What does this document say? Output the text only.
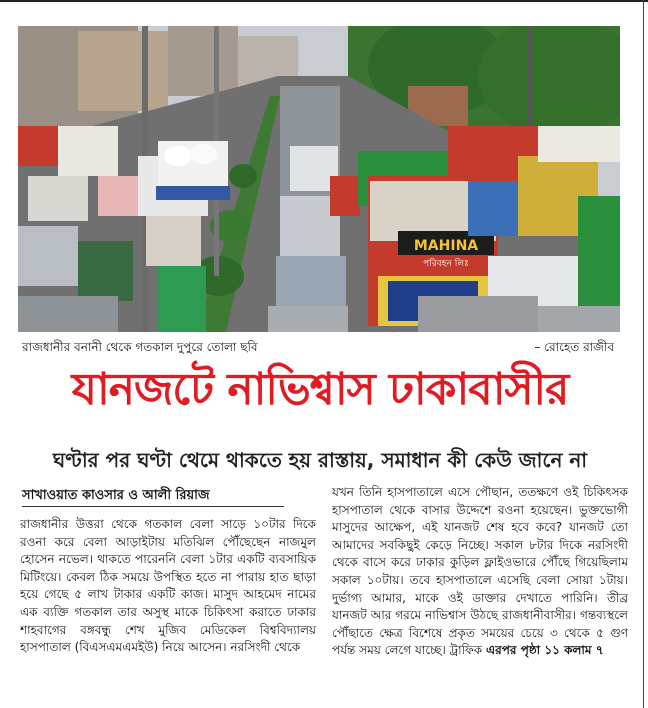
MAHINA
পরিবহন লিঃ
রাজধানীর বনানী থেকে গতকাল দুপুরে তোলা ছবি	– রোহেত রাজীব
যানজটে নাভিশ্বাস ঢাকাবাসীর
ঘণ্টার পর ঘণ্টা থেমে থাকতে হয় রাস্তায়, সমাধান কী কেউ জানে না
সাখাওয়াত কাওসার ও আলী রিয়াজ

রাজধানীর উত্তরা থেকে গতকাল বেলা সাড়ে ১০টার দিকে রওনা করে বেলা আড়াইটায় মতিঝিল পৌঁছেছেন নাজমুল হোসেন নভেল। থাকতে পারেননি বেলা ১টার একটি ব্যবসায়িক মিটিংয়ে। কেবল ঠিক সময়ে উপস্থিত হতে না পারায় হাত ছাড়া হয়ে গেছে ৫ লাখ টাকার একটি কাজ। মাসুদ আহমেদ নামের এক ব্যক্তি গতকাল তার অসুস্থ মাকে চিকিৎসা করাতে ঢাকার শাহবাগের বঙ্গবন্ধু শেখ মুজিব মেডিকেল বিশ্ববিদ্যালয় হাসপাতাল (বিএসএমএমইউ) নিয়ে আসেন। নরসিংদী থেকে

যখন তিনি হাসপাতালে এসে পৌছান, ততক্ষণে ওই চিকিৎসক হাসপাতাল থেকে বাসার উদ্দেশে রওনা হয়েছেন। ভুক্তভোগী মাসুদের আক্ষেপ, এই যানজট শেষ হবে কবে? যানজট তো আমাদের সবকিছুই কেড়ে নিচ্ছে। সকাল ৮টার দিকে নরসিংদী থেকে বাসে করে ঢাকার কুড়িল ফ্লাইওভারে পৌঁছে গিয়েছিলাম সকাল ১০টায়। তবে হাসপাতালে এসেছি বেলা সোয়া ১টায়। দুর্ভাগ্য আমার, মাকে ওই ডাক্তার দেখাতে পারিনি। তীব্র যানজট আর গরমে নাভিশ্বাস উঠছে রাজধানীবাসীর। গন্তব্যস্থলে পৌঁছাতে ক্ষেত্র বিশেষে প্রকৃত সময়ের চেয়ে ৩ থেকে ৫ গুণ পর্যন্ত সময় লেগে যাচ্ছে। ট্রাফিক এরপর পৃষ্ঠা ১১ কলাম ৭
